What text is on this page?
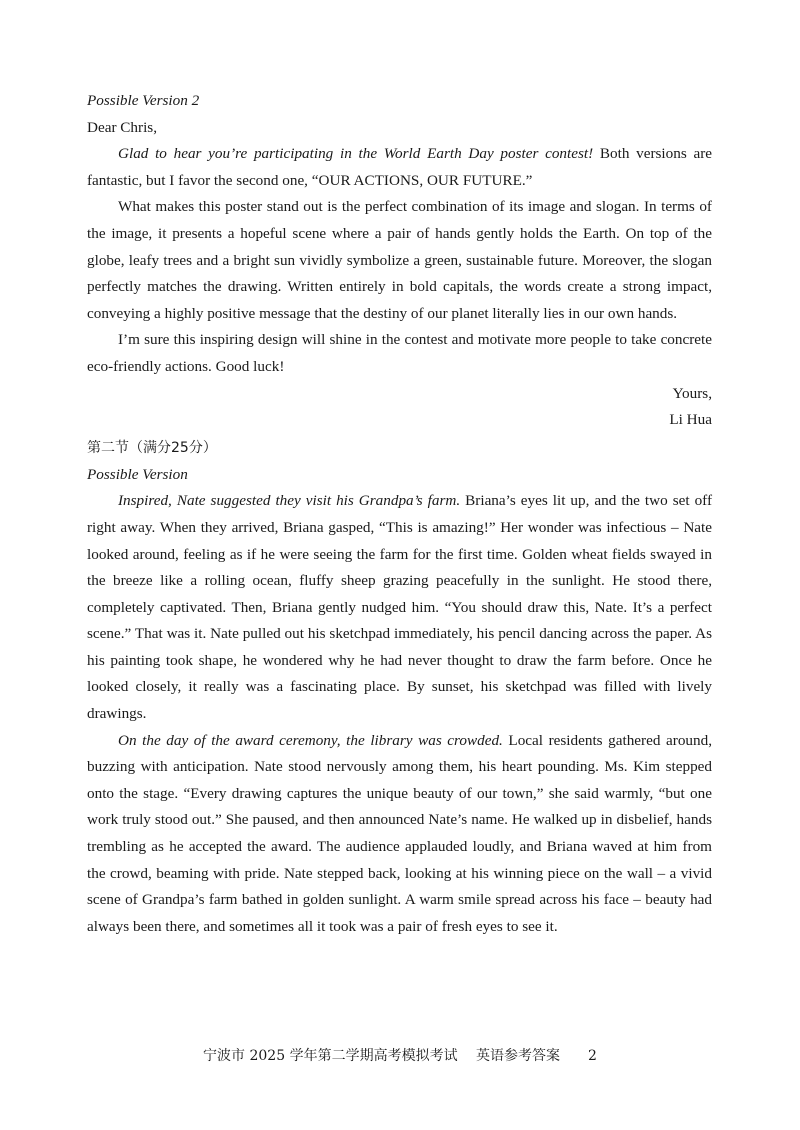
Possible Version 2

Dear Chris,

Glad to hear you’re participating in the World Earth Day poster contest! Both versions are fantastic, but I favor the second one, “OUR ACTIONS, OUR FUTURE.”

What makes this poster stand out is the perfect combination of its image and slogan. In terms of the image, it presents a hopeful scene where a pair of hands gently holds the Earth. On top of the globe, leafy trees and a bright sun vividly symbolize a green, sustainable future. Moreover, the slogan perfectly matches the drawing. Written entirely in bold capitals, the words create a strong impact, conveying a highly positive message that the destiny of our planet literally lies in our own hands.

I’m sure this inspiring design will shine in the contest and motivate more people to take concrete eco-friendly actions. Good luck!

Yours,

Li Hua

第二节（满分25分）

Possible Version

Inspired, Nate suggested they visit his Grandpa’s farm. Briana’s eyes lit up, and the two set off right away. When they arrived, Briana gasped, “This is amazing!” Her wonder was infectious – Nate looked around, feeling as if he were seeing the farm for the first time. Golden wheat fields swayed in the breeze like a rolling ocean, fluffy sheep grazing peacefully in the sunlight. He stood there, completely captivated. Then, Briana gently nudged him. “You should draw this, Nate. It’s a perfect scene.” That was it. Nate pulled out his sketchpad immediately, his pencil dancing across the paper. As his painting took shape, he wondered why he had never thought to draw the farm before. Once he looked closely, it really was a fascinating place. By sunset, his sketchpad was filled with lively drawings.

On the day of the award ceremony, the library was crowded. Local residents gathered around, buzzing with anticipation. Nate stood nervously among them, his heart pounding. Ms. Kim stepped onto the stage. “Every drawing captures the unique beauty of our town,” she said warmly, “but one work truly stood out.” She paused, and then announced Nate’s name. He walked up in disbelief, hands trembling as he accepted the award. The audience applauded loudly, and Briana waved at him from the crowd, beaming with pride. Nate stepped back, looking at his winning piece on the wall – a vivid scene of Grandpa’s farm bathed in golden sunlight. A warm smile spread across his face – beauty had always been there, and sometimes all it took was a pair of fresh eyes to see it.

宁波市 2025 学年第二学期高考模拟考试　 英语参考答案　　2
